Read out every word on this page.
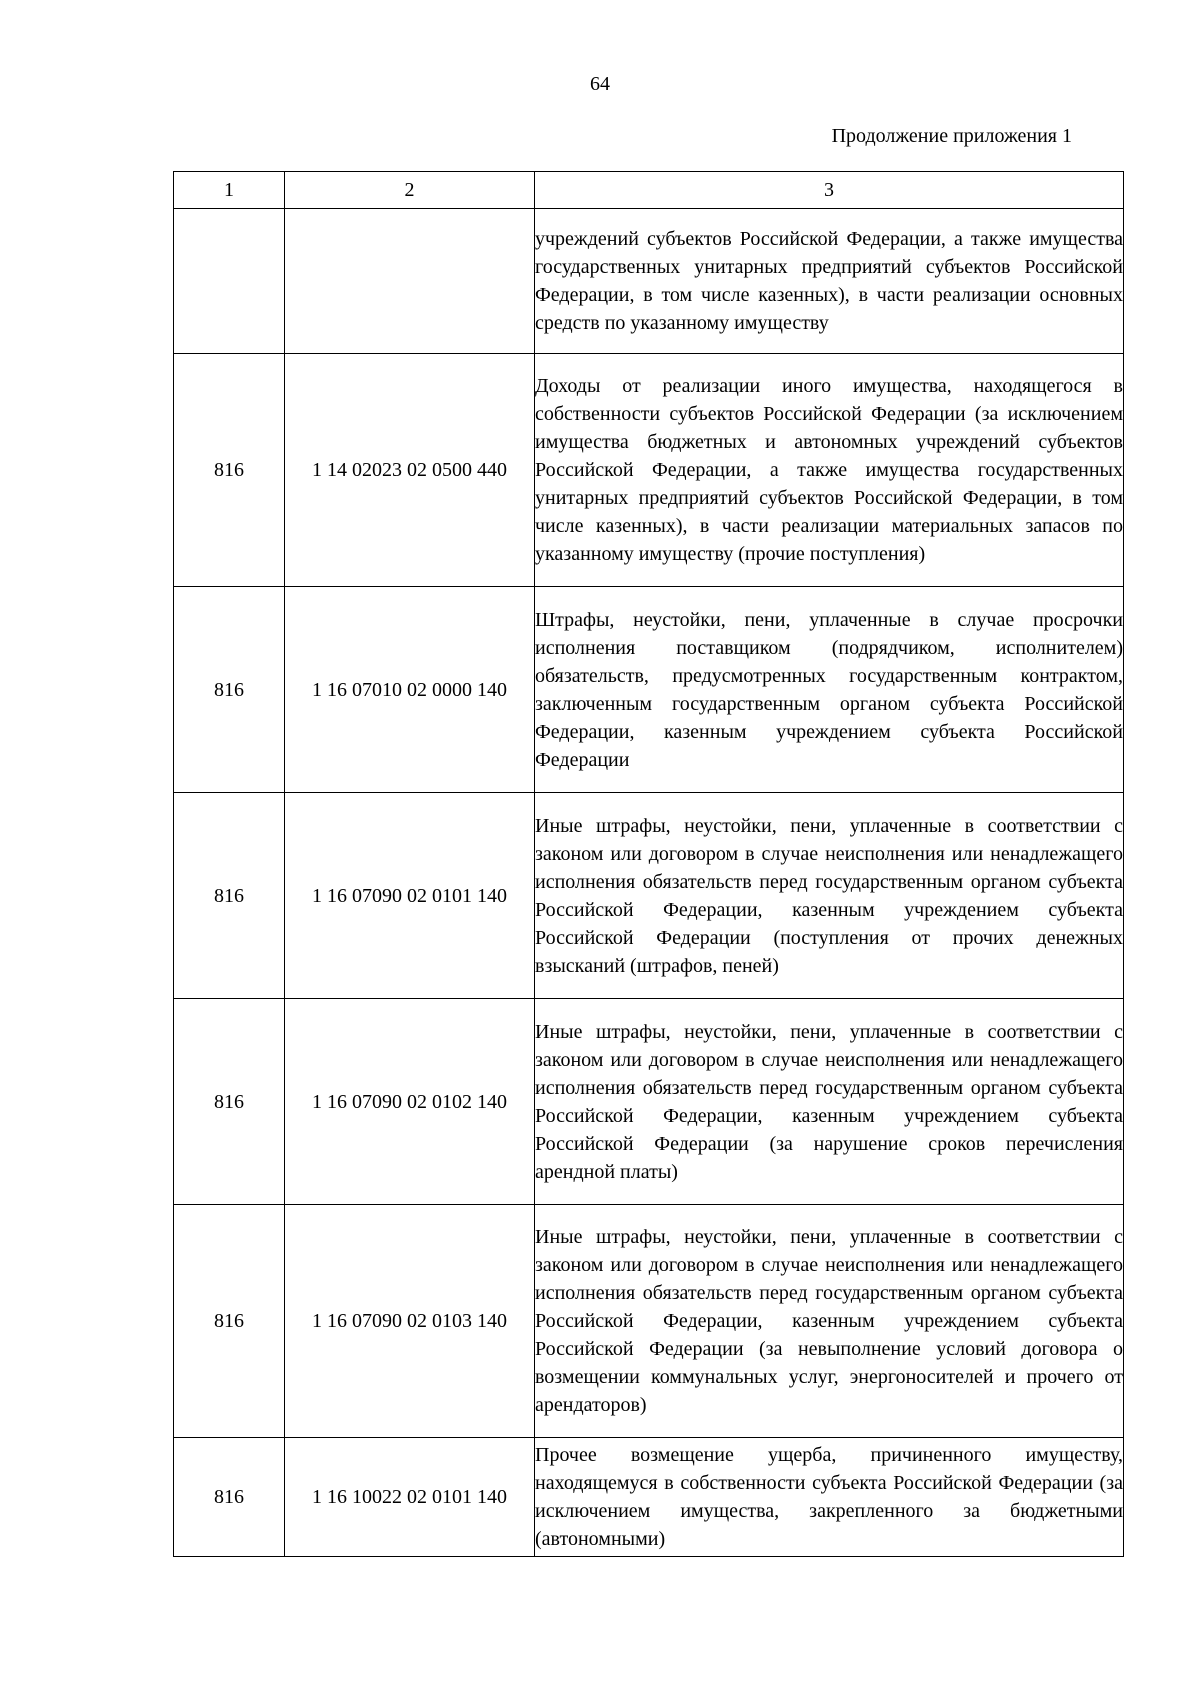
64
Продолжение приложения 1
1	2	3

		учреждений субъектов Российской Федерации, а также имущества государственных унитарных предприятий субъектов Российской Федерации, в том числе казенных), в части реализации основных средств по указанному имуществу

816	1 14 02023 02 0500 440	Доходы от реализации иного имущества, находящегося в собственности субъектов Российской Федерации (за исключением имущества бюджетных и автономных учреждений субъектов Российской Федерации, а также имущества государственных унитарных предприятий субъектов Российской Федерации, в том числе казенных), в части реализации материальных запасов по указанному имуществу (прочие поступления)

816	1 16 07010 02 0000 140	Штрафы, неустойки, пени, уплаченные в случае просрочки исполнения поставщиком (подрядчиком, исполнителем) обязательств, предусмотренных государственным контрактом, заключенным государственным органом субъекта Российской Федерации, казенным учреждением субъекта Российской Федерации

816	1 16 07090 02 0101 140	Иные штрафы, неустойки, пени, уплаченные в соответствии с законом или договором в случае неисполнения или ненадлежащего исполнения обязательств перед государственным органом субъекта Российской Федерации, казенным учреждением субъекта Российской Федерации (поступления от прочих денежных взысканий (штрафов, пеней)

816	1 16 07090 02 0102 140	Иные штрафы, неустойки, пени, уплаченные в соответствии с законом или договором в случае неисполнения или ненадлежащего исполнения обязательств перед государственным органом субъекта Российской Федерации, казенным учреждением субъекта Российской Федерации (за нарушение сроков перечисления арендной платы)

816	1 16 07090 02 0103 140	Иные штрафы, неустойки, пени, уплаченные в соответствии с законом или договором в случае неисполнения или ненадлежащего исполнения обязательств перед государственным органом субъекта Российской Федерации, казенным учреждением субъекта Российской Федерации (за невыполнение условий договора о возмещении коммунальных услуг, энергоносителей и прочего от арендаторов)

816	1 16 10022 02 0101 140	Прочее возмещение ущерба, причиненного имуществу, находящемуся в собственности субъекта Российской Федерации (за исключением имущества, закрепленного за бюджетными (автономными)
